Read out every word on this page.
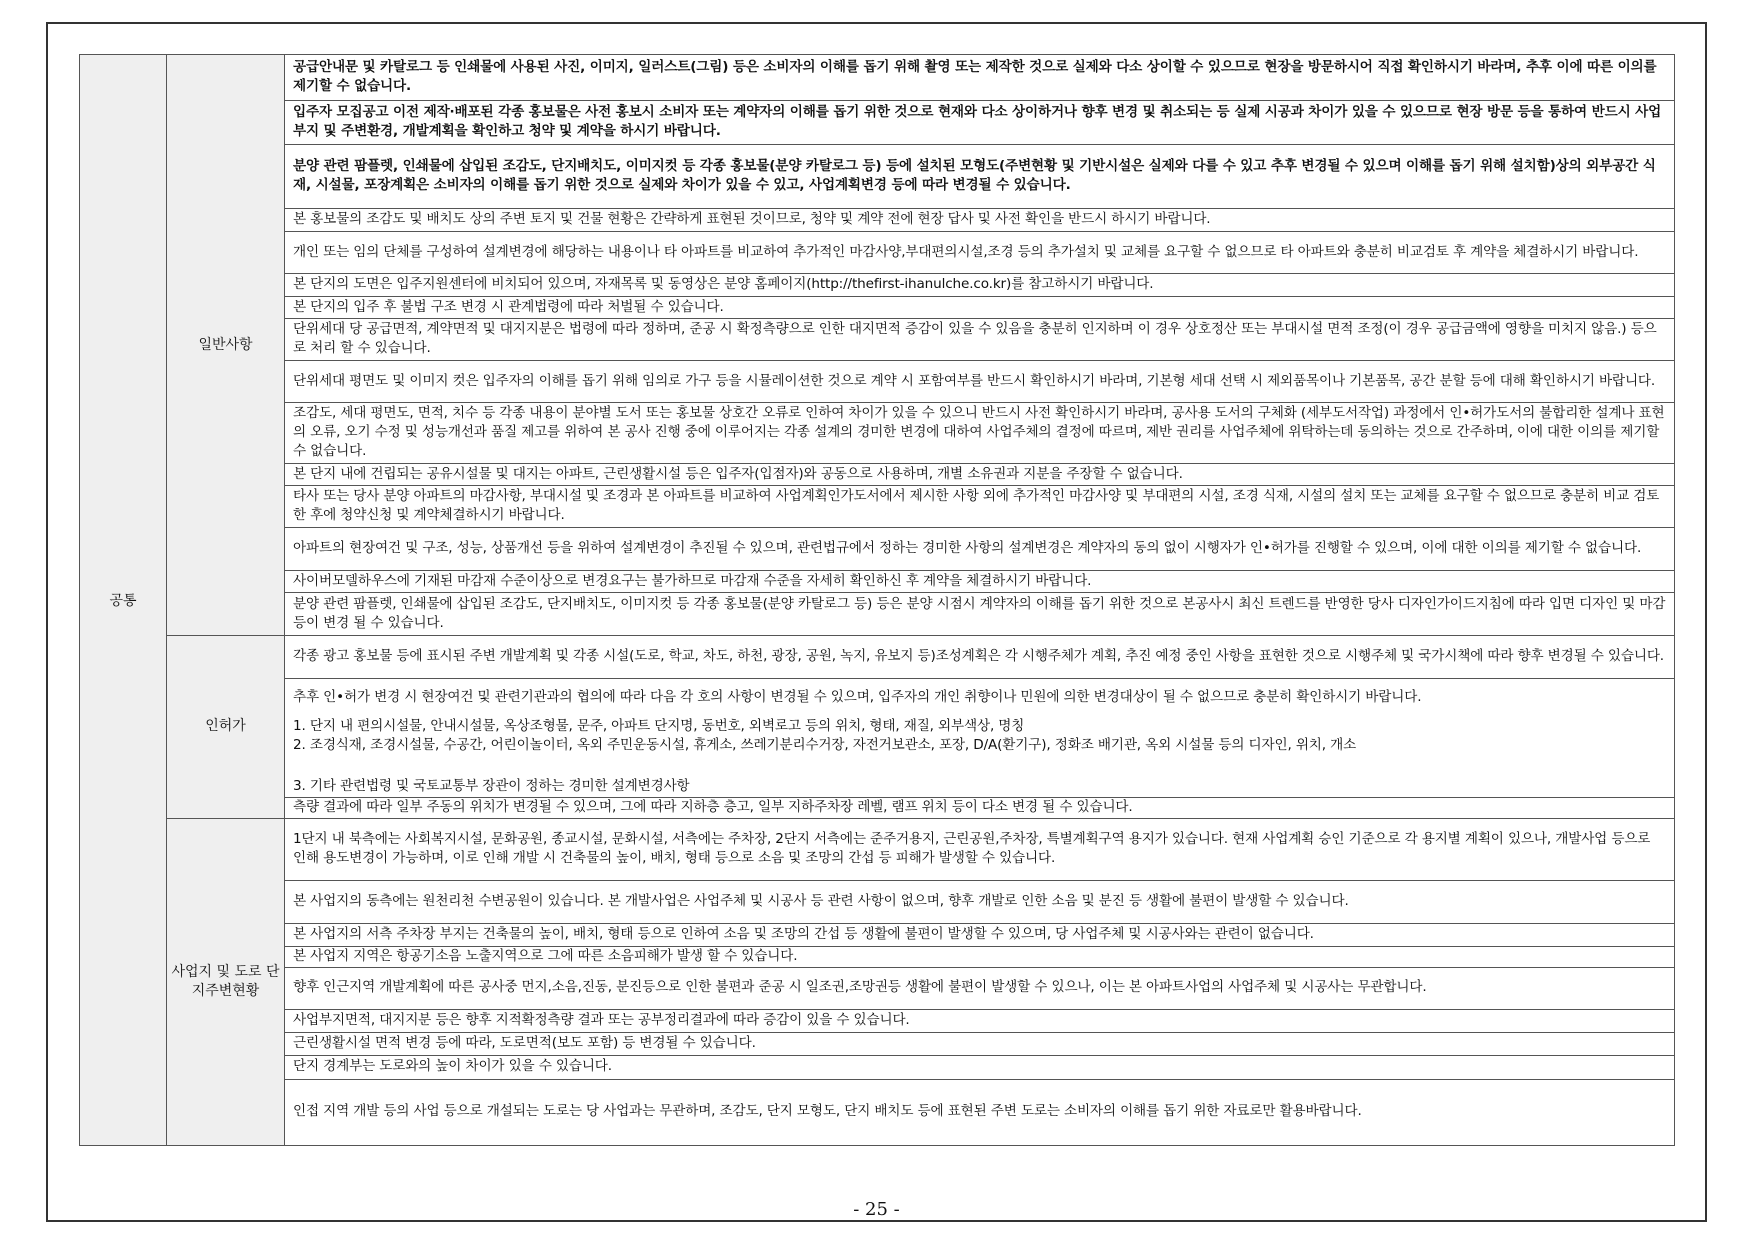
공통	일반사항	공급안내문 및 카탈로그 등 인쇄물에 사용된 사진, 이미지, 일러스트(그림) 등은 소비자의 이해를 돕기 위해 촬영 또는 제작한 것으로 실제와 다소 상이할 수 있으므로 현장을 방문하시어 직접 확인하시기 바라며, 추후 이에 따른 이의를 제기할 수 없습니다.
		입주자 모집공고 이전 제작·배포된 각종 홍보물은 사전 홍보시 소비자 또는 계약자의 이해를 돕기 위한 것으로 현재와 다소 상이하거나 향후 변경 및 취소되는 등 실제 시공과 차이가 있을 수 있으므로 현장 방문 등을 통하여 반드시 사업부지 및 주변환경, 개발계획을 확인하고 청약 및 계약을 하시기 바랍니다.
		분양 관련 팜플렛, 인쇄물에 삽입된 조감도, 단지배치도, 이미지컷 등 각종 홍보물(분양 카탈로그 등) 등에 설치된 모형도(주변현황 및 기반시설은 실제와 다를 수 있고 추후 변경될 수 있으며 이해를 돕기 위해 설치함)상의 외부공간 식재, 시설물, 포장계획은 소비자의 이해를 돕기 위한 것으로 실제와 차이가 있을 수 있고, 사업계획변경 등에 따라 변경될 수 있습니다.
		본 홍보물의 조감도 및 배치도 상의 주변 토지 및 건물 현황은 간략하게 표현된 것이므로, 청약 및 계약 전에 현장 답사 및 사전 확인을 반드시 하시기 바랍니다.
		개인 또는 임의 단체를 구성하여 설계변경에 해당하는 내용이나 타 아파트를 비교하여 추가적인 마감사양,부대편의시설,조경 등의 추가설치 및 교체를 요구할 수 없으므로 타 아파트와 충분히 비교검토 후 계약을 체결하시기 바랍니다.
		본 단지의 도면은 입주지원센터에 비치되어 있으며, 자재목록 및 동영상은 분양 홈페이지(http://thefirst-ihanulche.co.kr)를 참고하시기 바랍니다.
		본 단지의 입주 후 불법 구조 변경 시 관계법령에 따라 처벌될 수 있습니다.
		단위세대 당 공급면적, 계약면적 및 대지지분은 법령에 따라 정하며, 준공 시 확정측량으로 인한 대지면적 증감이 있을 수 있음을 충분히 인지하며 이 경우 상호정산 또는 부대시설 면적 조정(이 경우 공급금액에 영향을 미치지 않음.) 등으로 처리 할 수 있습니다.
		단위세대 평면도 및 이미지 컷은 입주자의 이해를 돕기 위해 임의로 가구 등을 시뮬레이션한 것으로 계약 시 포함여부를 반드시 확인하시기 바라며, 기본형 세대 선택 시 제외품목이나 기본품목, 공간 분할 등에 대해 확인하시기 바랍니다.
		조감도, 세대 평면도, 면적, 치수 등 각종 내용이 분야별 도서 또는 홍보물 상호간 오류로 인하여 차이가 있을 수 있으니 반드시 사전 확인하시기 바라며, 공사용 도서의 구체화 (세부도서작업) 과정에서 인•허가도서의 불합리한 설계나 표현의 오류, 오기 수정 및 성능개선과 품질 제고를 위하여 본 공사 진행 중에 이루어지는 각종 설계의 경미한 변경에 대하여 사업주체의 결정에 따르며, 제반 권리를 사업주체에 위탁하는데 동의하는 것으로 간주하며, 이에 대한 이의를 제기할 수 없습니다.
		본 단지 내에 건립되는 공유시설물 및 대지는 아파트, 근린생활시설 등은 입주자(입점자)와 공동으로 사용하며, 개별 소유권과 지분을 주장할 수 없습니다.
		타사 또는 당사 분양 아파트의 마감사항, 부대시설 및 조경과 본 아파트를 비교하여 사업계획인가도서에서 제시한 사항 외에 추가적인 마감사양 및 부대편의 시설, 조경 식재, 시설의 설치 또는 교체를 요구할 수 없으므로 충분히 비교 검토한 후에 청약신청 및 계약체결하시기 바랍니다.
		아파트의 현장여건 및 구조, 성능, 상품개선 등을 위하여 설계변경이 추진될 수 있으며, 관련법규에서 정하는 경미한 사항의 설계변경은 계약자의 동의 없이 시행자가 인•허가를 진행할 수 있으며, 이에 대한 이의를 제기할 수 없습니다.
		사이버모델하우스에 기재된 마감재 수준이상으로 변경요구는 불가하므로 마감재 수준을 자세히 확인하신 후 계약을 체결하시기 바랍니다.
		분양 관련 팜플렛, 인쇄물에 삽입된 조감도, 단지배치도, 이미지컷 등 각종 홍보물(분양 카탈로그 등) 등은 분양 시점시 계약자의 이해를 돕기 위한 것으로 본공사시 최신 트렌드를 반영한 당사 디자인가이드지침에 따라 입면 디자인 및 마감 등이 변경 될 수 있습니다.
	인허가	각종 광고 홍보물 등에 표시된 주변 개발계획 및 각종 시설(도로, 학교, 차도, 하천, 광장, 공원, 녹지, 유보지 등)조성계획은 각 시행주체가 계획, 추진 예정 중인 사항을 표현한 것으로 시행주체 및 국가시책에 따라 향후 변경될 수 있습니다.
		추후 인•허가 변경 시 현장여건 및 관련기관과의 협의에 따라 다음 각 호의 사항이 변경될 수 있으며, 입주자의 개인 취향이나 민원에 의한 변경대상이 될 수 없으므로 충분히 확인하시기 바랍니다.

		1. 단지 내 편의시설물, 안내시설물, 옥상조형물, 문주, 아파트 단지명, 동번호, 외벽로고 등의 위치, 형태, 재질, 외부색상, 명칭
2. 조경식재, 조경시설물, 수공간, 어린이놀이터, 옥외 주민운동시설, 휴게소, 쓰레기분리수거장, 자전거보관소, 포장, D/A(환기구), 정화조 배기관, 옥외 시설물 등의 디자인, 위치, 개소

		3. 기타 관련법령 및 국토교통부 장관이 정하는 경미한 설계변경사항

		측량 결과에 따라 일부 주동의 위치가 변경될 수 있으며, 그에 따라 지하층 층고, 일부 지하주차장 레벨, 램프 위치 등이 다소 변경 될 수 있습니다.
	사업지 및 도로 단지주변현황	1단지 내 북측에는 사회복지시설, 문화공원, 종교시설, 문화시설, 서측에는 주차장, 2단지 서측에는 준주거용지, 근린공원,주차장, 특별계획구역 용지가 있습니다. 현재 사업계획 승인 기준으로 각 용지별 계획이 있으나, 개발사업 등으로 인해 용도변경이 가능하며, 이로 인해 개발 시 건축물의 높이, 배치, 형태 등으로 소음 및 조망의 간섭 등 피해가 발생할 수 있습니다.
		본 사업지의 동측에는 원천리천 수변공원이 있습니다. 본 개발사업은 사업주체 및 시공사 등 관련 사항이 없으며, 향후 개발로 인한 소음 및 분진 등 생활에 불편이 발생할 수 있습니다.
		본 사업지의 서측 주차장 부지는 건축물의 높이, 배치, 형태 등으로 인하여 소음 및 조망의 간섭 등 생활에 불편이 발생할 수 있으며, 당 사업주체 및 시공사와는 관련이 없습니다.
		본 사업지 지역은 항공기소음 노출지역으로 그에 따른 소음피해가 발생 할 수 있습니다.
		향후 인근지역 개발계획에 따른 공사중 먼지,소음,진동, 분진등으로 인한 불편과 준공 시 일조권,조망권등 생활에 불편이 발생할 수 있으나, 이는 본 아파트사업의 사업주체 및 시공사는 무관합니다.
		사업부지면적, 대지지분 등은 향후 지적확정측량 결과 또는 공부정리결과에 따라 증감이 있을 수 있습니다.
		근린생활시설 면적 변경 등에 따라, 도로면적(보도 포함) 등 변경될 수 있습니다.
		단지 경계부는 도로와의 높이 차이가 있을 수 있습니다.
		인접 지역 개발 등의 사업 등으로 개설되는 도로는 당 사업과는 무관하며, 조감도, 단지 모형도, 단지 배치도 등에 표현된 주변 도로는 소비자의 이해를 돕기 위한 자료로만 활용바랍니다.
- 25 -
